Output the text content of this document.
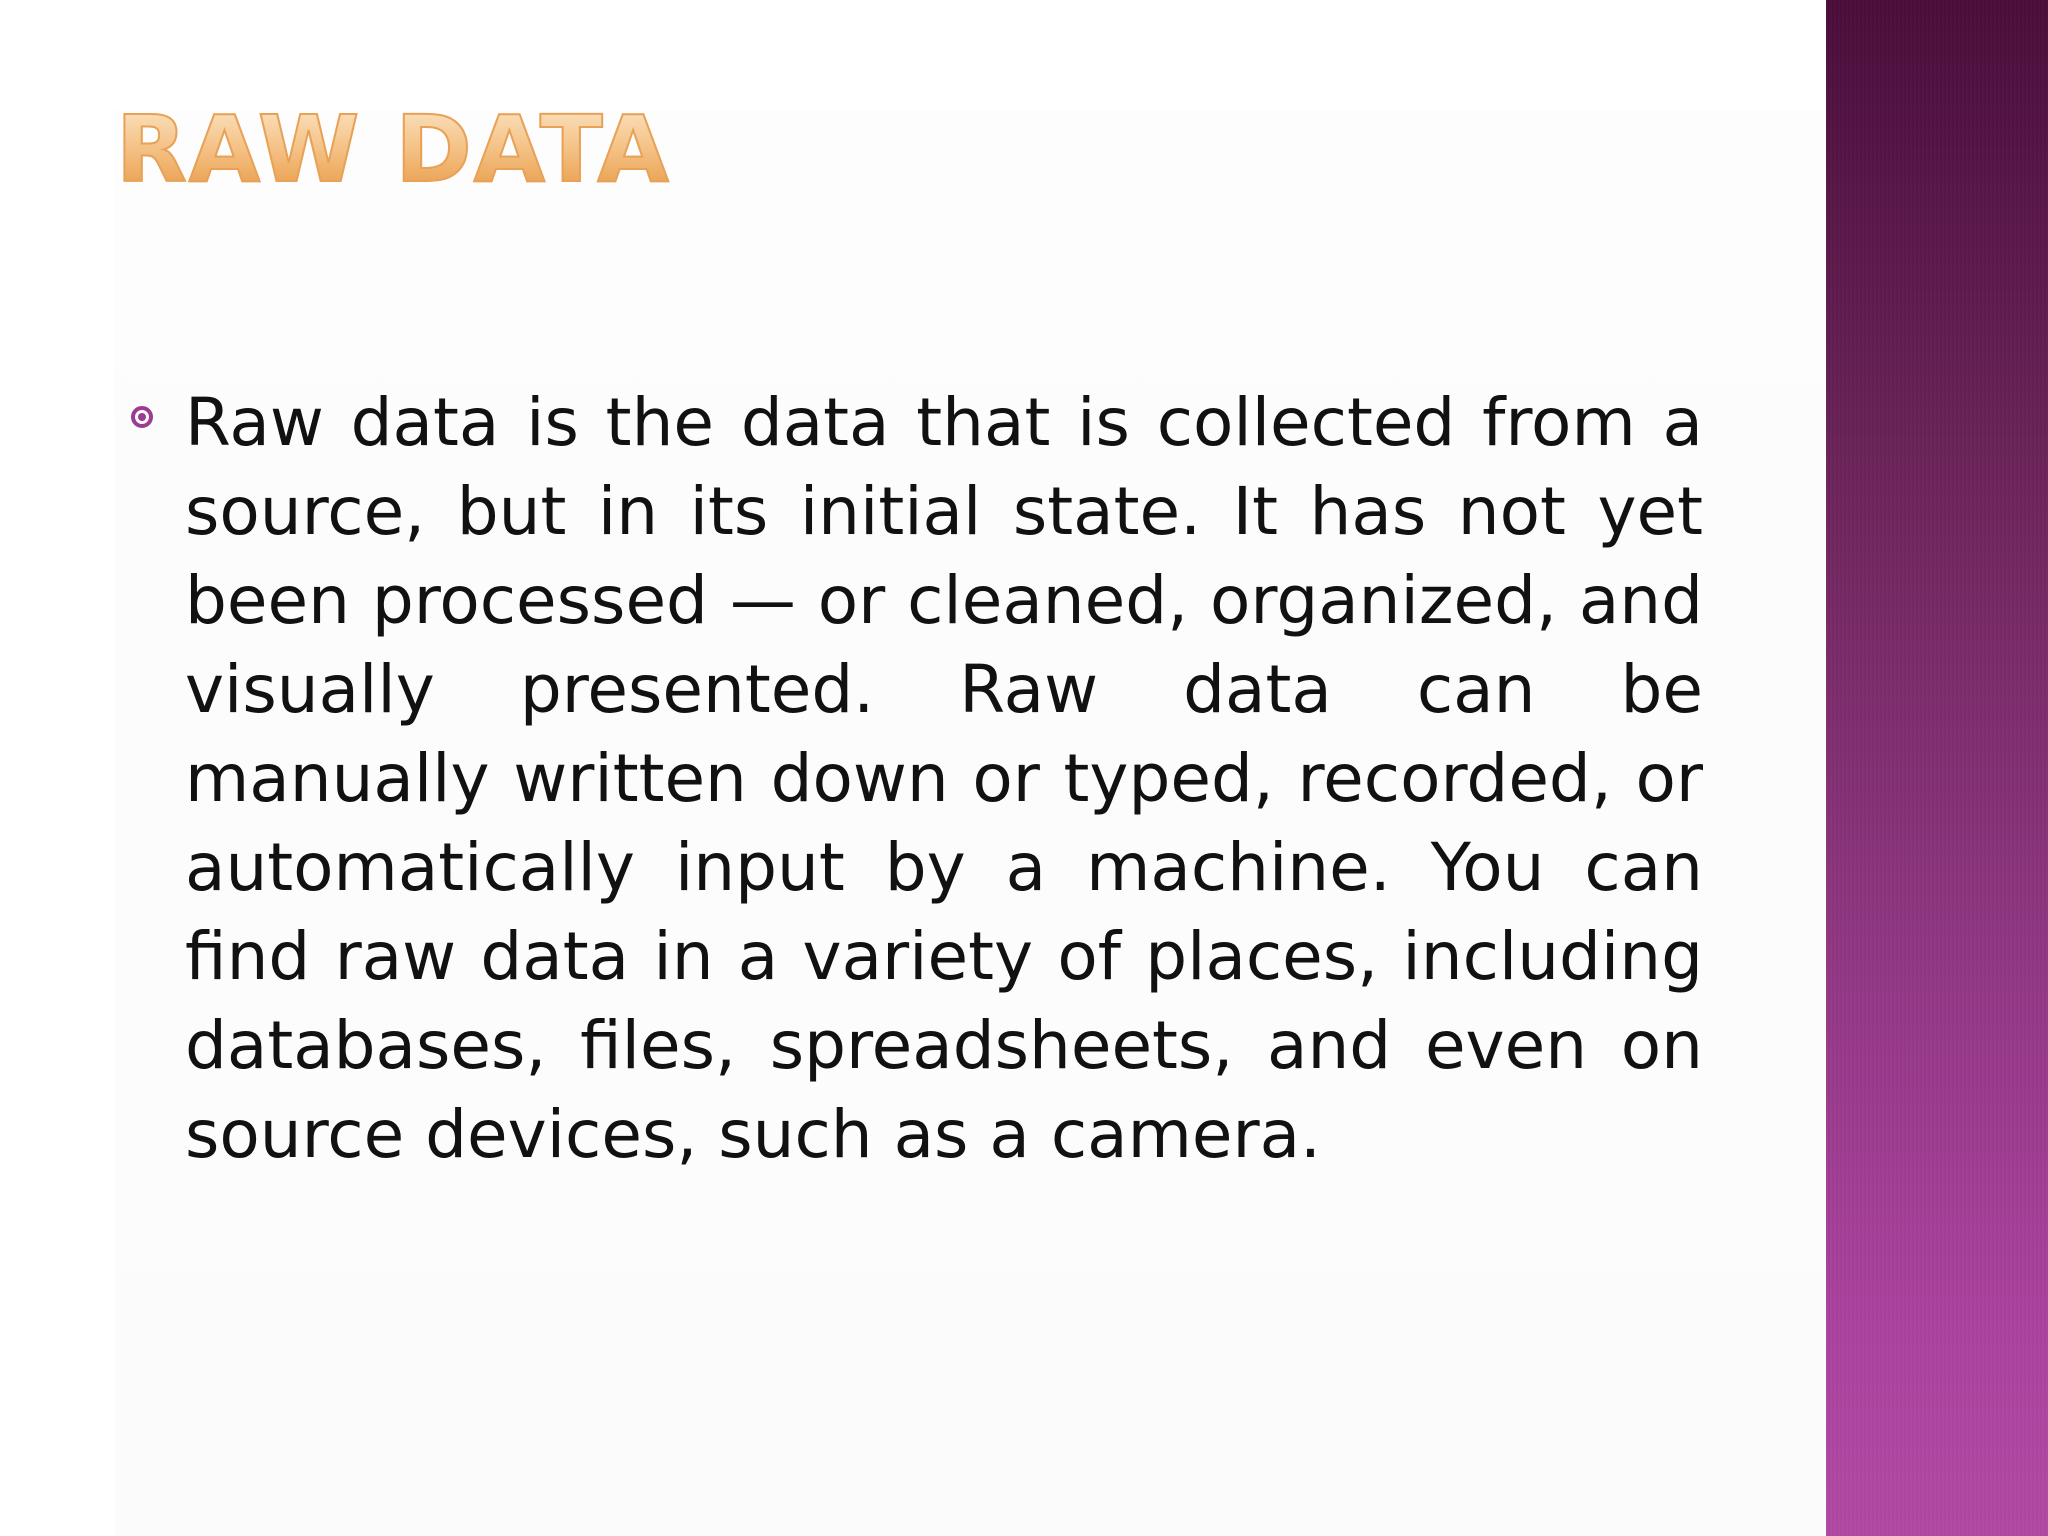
RAW DATA
Raw data is the data that is collected from a source, but in its initial state. It has not yet been processed — or cleaned, organized, and visually presented. Raw data can be manually written down or typed, recorded, or automatically input by a machine. You can find raw data in a variety of places, including databases, files, spreadsheets, and even on source devices, such as a camera.
